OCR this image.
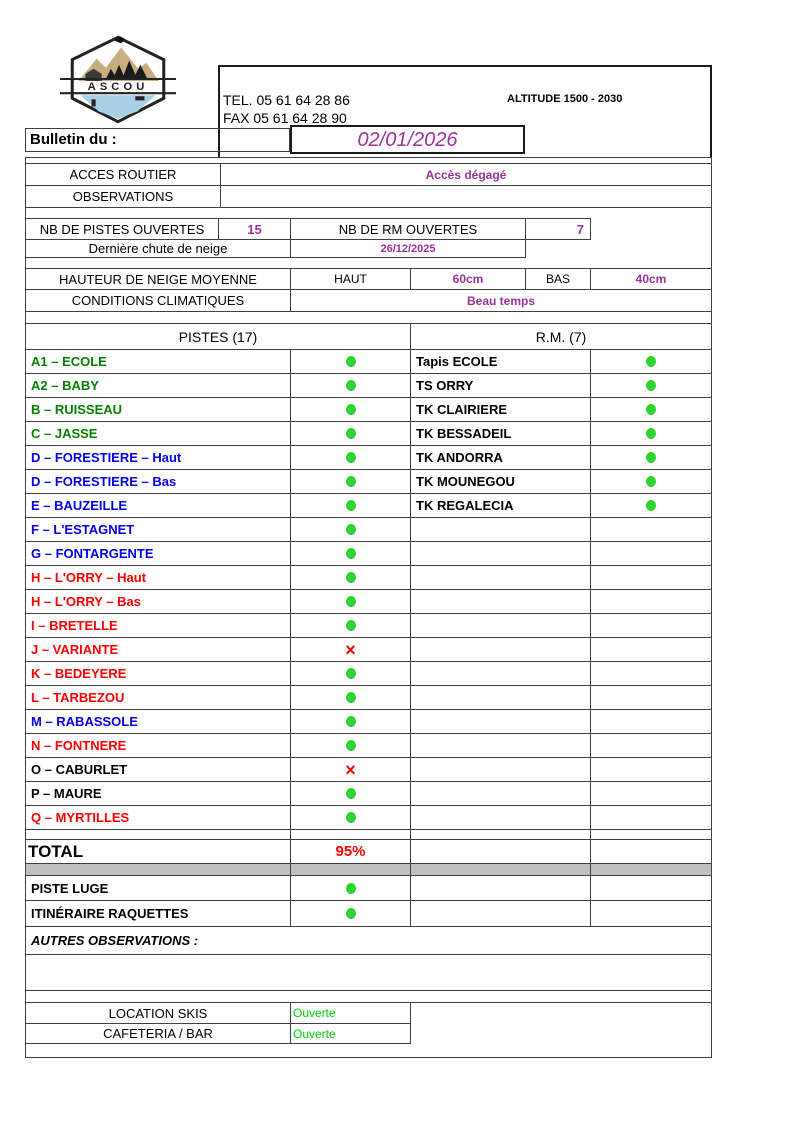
ASCOU
TEL. 05 61 64 28 86
FAX 05 61 64 28 90
ALTITUDE 1500 - 2030
Bulletin du :	02/01/2026
ACCES ROUTIER	Accès dégagé
OBSERVATIONS
NB DE PISTES OUVERTES	15	NB DE RM OUVERTES	7
Dernière chute de neige	26/12/2025
HAUTEUR DE NEIGE MOYENNE	HAUT	60cm	BAS	40cm
CONDITIONS CLIMATIQUES	Beau temps
PISTES (17)	R.M. (7)
A1 – ECOLE	Tapis ECOLE
A2 – BABY	TS ORRY
B – RUISSEAU	TK CLAIRIERE
C – JASSE	TK BESSADEIL
D – FORESTIERE – Haut	TK ANDORRA
D – FORESTIERE – Bas	TK MOUNEGOU
E – BAUZEILLE	TK REGALECIA
F – L'ESTAGNET
G – FONTARGENTE
H – L'ORRY – Haut
H – L'ORRY – Bas
I – BRETELLE
J – VARIANTE	×
K – BEDEYERE
L – TARBEZOU
M – RABASSOLE
N – FONTNERE
O – CABURLET	×
P – MAURE
Q – MYRTILLES
TOTAL	95%
PISTE LUGE
ITINÉRAIRE RAQUETTES
AUTRES OBSERVATIONS :
LOCATION SKIS	Ouverte
CAFETERIA / BAR	Ouverte
